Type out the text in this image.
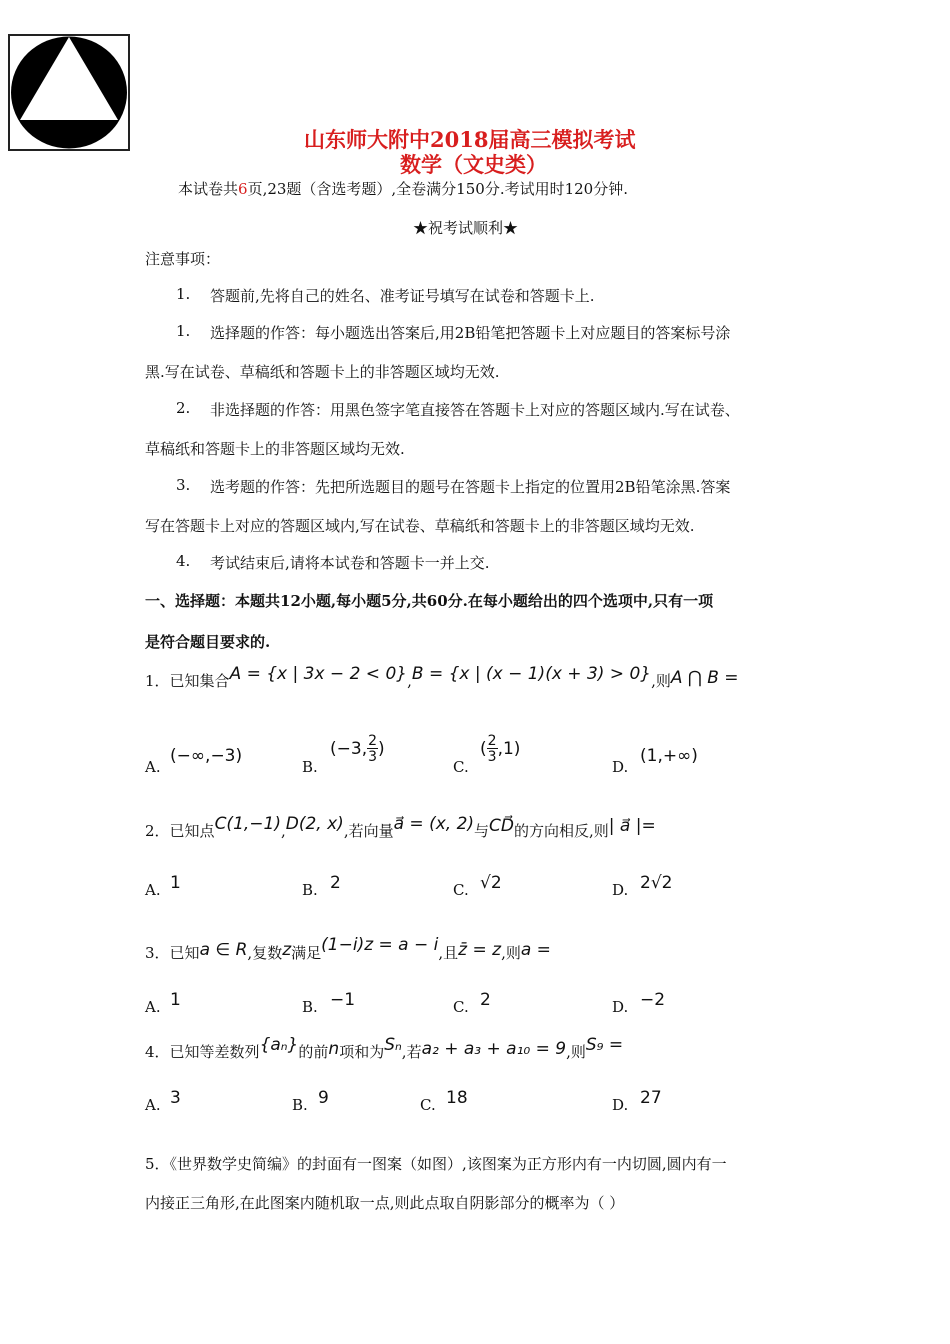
山东师大附中2018届高三模拟考试
数学（文史类）
本试卷共6页,23题（含选考题）,全卷满分150分.考试用时120分钟.
★祝考试顺利★
注意事项：
1. 答题前,先将自己的姓名、准考证号填写在试卷和答题卡上.
1. 选择题的作答：每小题选出答案后,用2B铅笔把答题卡上对应题目的答案标号涂
黑.写在试卷、草稿纸和答题卡上的非答题区域均无效.
2. 非选择题的作答：用黑色签字笔直接答在答题卡上对应的答题区域内.写在试卷、
草稿纸和答题卡上的非答题区域均无效.
3. 选考题的作答：先把所选题目的题号在答题卡上指定的位置用2B铅笔涂黑.答案
写在答题卡上对应的答题区域内,写在试卷、草稿纸和答题卡上的非答题区域均无效.
4. 考试结束后,请将本试卷和答题卡一并上交.
一、选择题：本题共12小题,每小题5分,共60分.在每小题给出的四个选项中,只有一项
是符合题目要求的.
1．已知集合A = {x | 3x − 2 < 0},B = {x | (x − 1)(x + 3) > 0},则A ⋂ B =
A.
(−∞,−3)
B.
(−3, $\frac{2}{3}$ )
C.
( $\frac{2}{3} ,1$)
D.
(1,+∞)
2．已知点C(1,−1),D(2, x),若向量a⃗ = (x, 2)与CD⃗的方向相反,则| a⃗ |=
A. 1	B. 2	C. √2	D. 2√2
3．已知a ∈ R,复数z满足(1−i)z = a − i,且z̄ = z,则a =
A. 1	B. −1	C. 2	D. −2
4．已知等差数列{aₙ}的前n项和为Sₙ,若a₂ + a₃ + a₁₀ = 9,则S₉ =
A. 3	B. 9	C. 18	D. 27
5．《世界数学史简编》的封面有一图案（如图）,该图案为正方形内有一内切圆,圆内有一
内接正三角形,在此图案内随机取一点,则此点取自阴影部分的概率为（ ）
